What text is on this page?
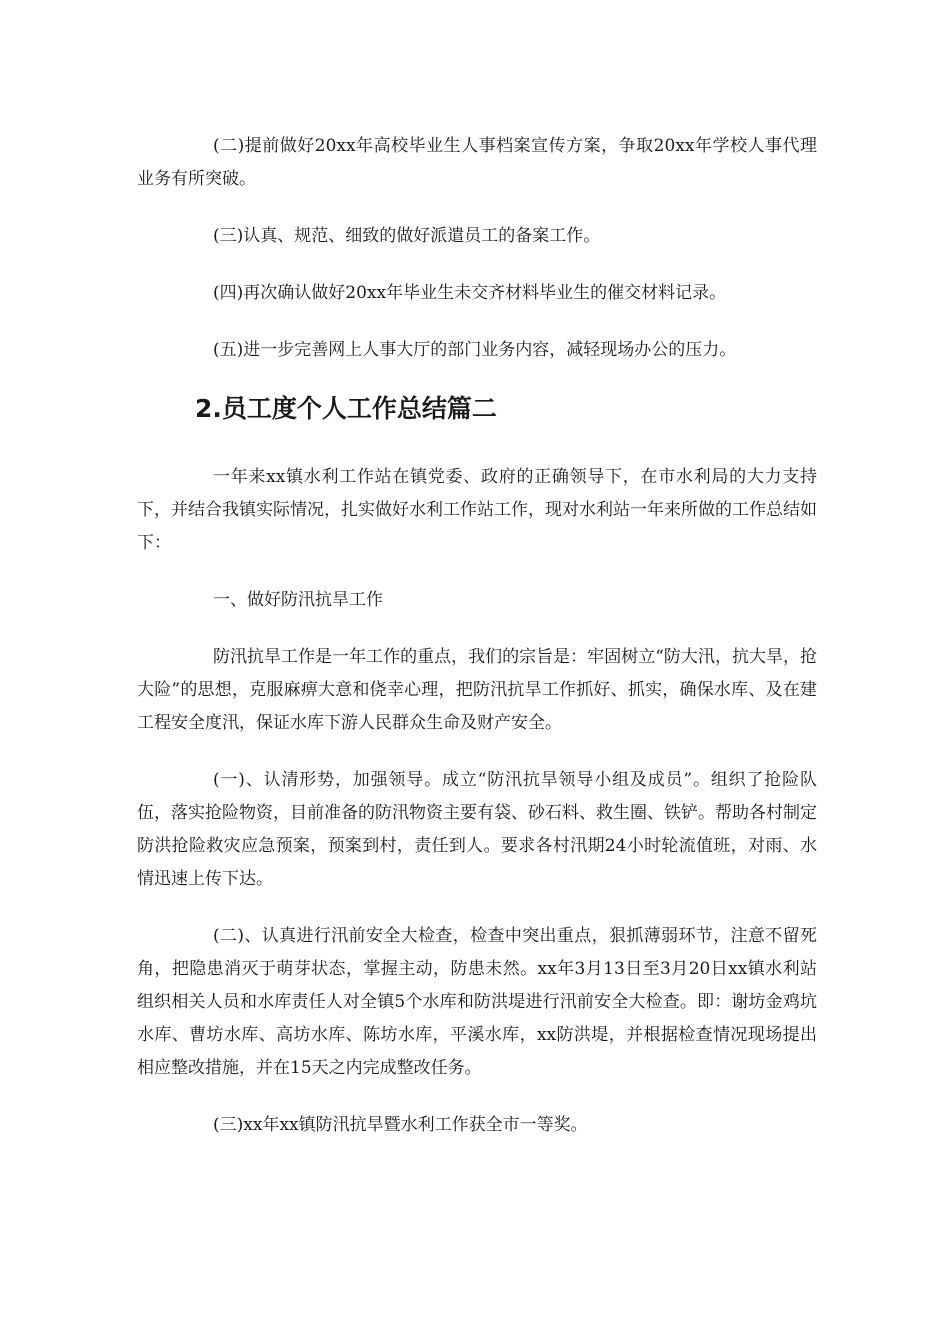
(二)提前做好20xx年高校毕业生人事档案宣传方案，争取20xx年学校人事代理业务有所突破。

(三)认真、规范、细致的做好派遣员工的备案工作。

(四)再次确认做好20xx年毕业生未交齐材料毕业生的催交材料记录。

(五)进一步完善网上人事大厅的部门业务内容，减轻现场办公的压力。

2.员工度个人工作总结篇二

一年来xx镇水利工作站在镇党委、政府的正确领导下，在市水利局的大力支持下，并结合我镇实际情况，扎实做好水利工作站工作，现对水利站一年来所做的工作总结如下：

一、做好防汛抗旱工作

防汛抗旱工作是一年工作的重点，我们的宗旨是：牢固树立“防大汛，抗大旱，抢大险”的思想，克服麻痹大意和侥幸心理，把防汛抗旱工作抓好、抓实，确保水库、及在建工程安全度汛，保证水库下游人民群众生命及财产安全。

(一)、认清形势，加强领导。成立“防汛抗旱领导小组及成员”。组织了抢险队伍，落实抢险物资，目前准备的防汛物资主要有袋、砂石料、救生圈、铁铲。帮助各村制定防洪抢险救灾应急预案，预案到村，责任到人。要求各村汛期24小时轮流值班，对雨、水情迅速上传下达。

(二)、认真进行汛前安全大检查，检查中突出重点，狠抓薄弱环节，注意不留死角，把隐患消灭于萌芽状态，掌握主动，防患未然。xx年3月13日至3月20日xx镇水利站组织相关人员和水库责任人对全镇5个水库和防洪堤进行汛前安全大检查。即：谢坊金鸡坑水库、曹坊水库、高坊水库、陈坊水库，平溪水库，xx防洪堤，并根据检查情况现场提出相应整改措施，并在15天之内完成整改任务。

(三)xx年xx镇防汛抗旱暨水利工作获全市一等奖。
